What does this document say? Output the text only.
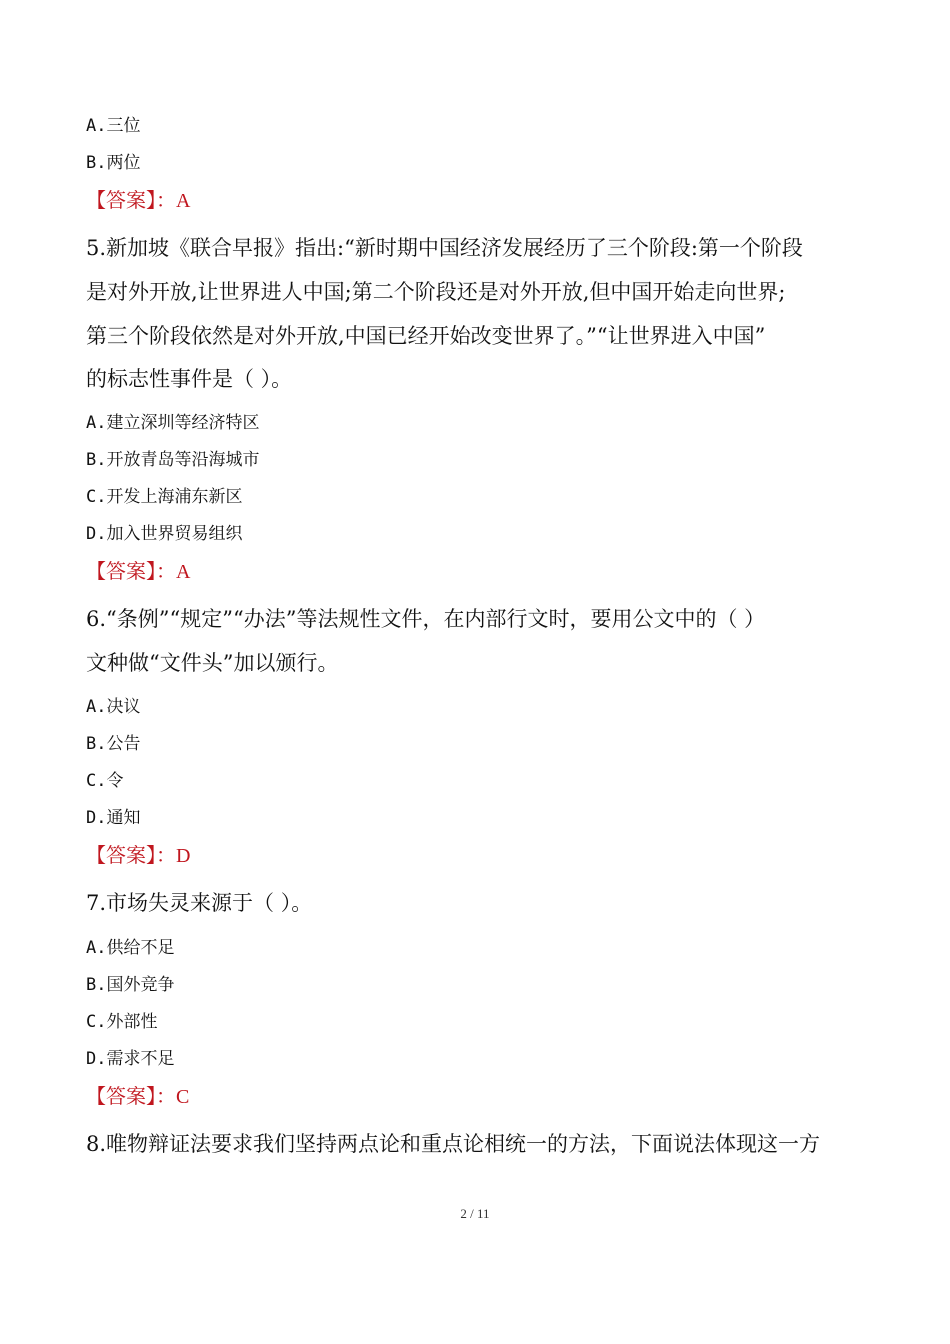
A.三位
B.两位
【答案】：A
5.新加坡《联合早报》指出:“新时期中国经济发展经历了三个阶段:第一个阶段
是对外开放,让世界进人中国;第二个阶段还是对外开放,但中国开始走向世界;
第三个阶段依然是对外开放,中国已经开始改变世界了。”“让世界进入中国”
的标志性事件是（ ）。
A.建立深圳等经济特区
B.开放青岛等沿海城市
C.开发上海浦东新区
D.加入世界贸易组织
【答案】：A
6.“条例”“规定”“办法”等法规性文件，在内部行文时，要用公文中的（ ）
文种做“文件头”加以颁行。
A.决议
B.公告
C.令
D.通知
【答案】：D
7.市场失灵来源于（ ）。
A.供给不足
B.国外竞争
C.外部性
D.需求不足
【答案】：C
8.唯物辩证法要求我们坚持两点论和重点论相统一的方法，下面说法体现这一方
2 / 11
